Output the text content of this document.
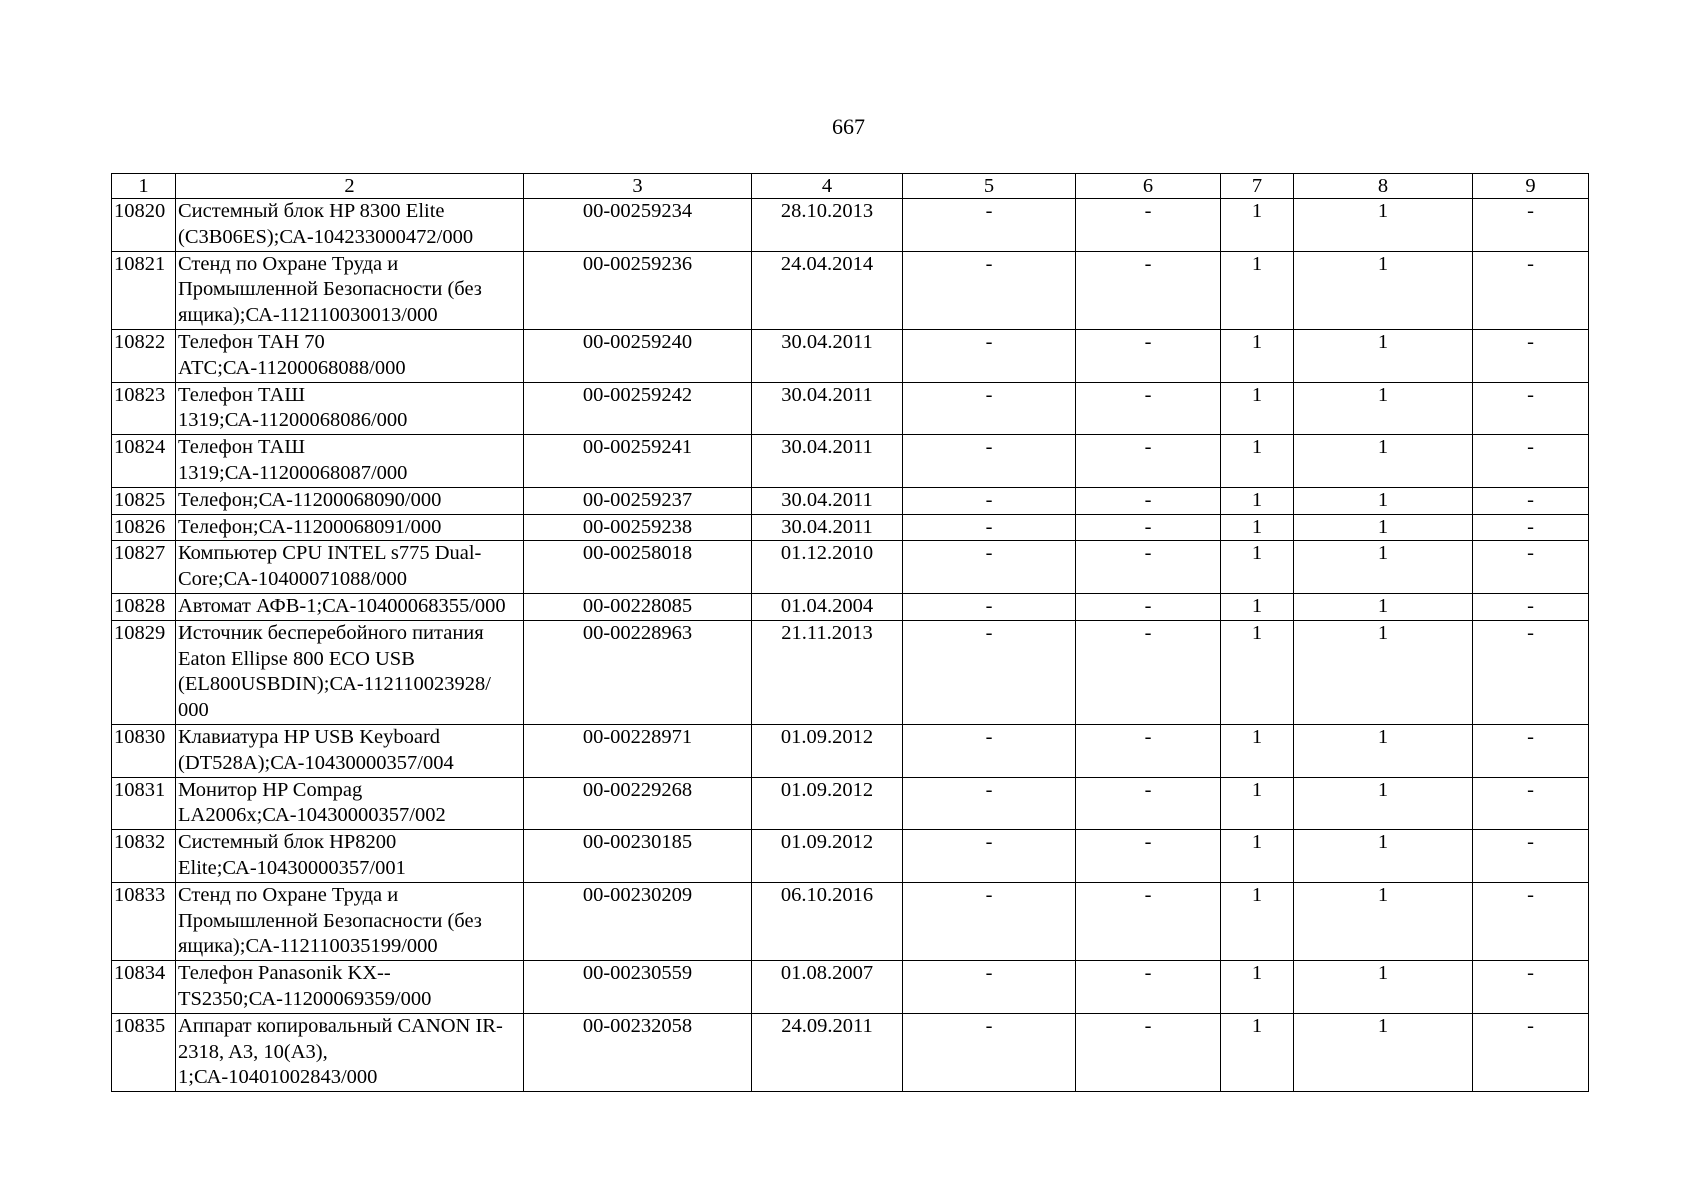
667
1	2	3	4	5	6	7	8	9
10820	Системный блок HP 8300 Elite (C3B06ES);СА-104233000472/000	00-00259234	28.10.2013	-	-	1	1	-
10821	Стенд по Охране Труда и Промышленной Безопасности (без ящика);СА-112110030013/000	00-00259236	24.04.2014	-	-	1	1	-
10822	Телефон ТАН 70 АТС;СА-11200068088/000	00-00259240	30.04.2011	-	-	1	1	-
10823	Телефон ТАШ 1319;СА-11200068086/000	00-00259242	30.04.2011	-	-	1	1	-
10824	Телефон ТАШ 1319;СА-11200068087/000	00-00259241	30.04.2011	-	-	1	1	-
10825	Телефон;СА-11200068090/000	00-00259237	30.04.2011	-	-	1	1	-
10826	Телефон;СА-11200068091/000	00-00259238	30.04.2011	-	-	1	1	-
10827	Компьютер CPU INTEL s775 Dual-Core;СА-10400071088/000	00-00258018	01.12.2010	-	-	1	1	-
10828	Автомат АФВ-1;СА-10400068355/000	00-00228085	01.04.2004	-	-	1	1	-
10829	Источник бесперебойного питания Eaton Ellipse 800 ECO USB (EL800USBDIN);СА-112110023928/ 000	00-00228963	21.11.2013	-	-	1	1	-
10830	Клавиатура HP USB Keyboard (DT528A);СА-10430000357/004	00-00228971	01.09.2012	-	-	1	1	-
10831	Монитор HP Compag LA2006x;СА-10430000357/002	00-00229268	01.09.2012	-	-	1	1	-
10832	Системный блок HP8200 Elite;СА-10430000357/001	00-00230185	01.09.2012	-	-	1	1	-
10833	Стенд по Охране Труда и Промышленной Безопасности (без ящика);СА-112110035199/000	00-00230209	06.10.2016	-	-	1	1	-
10834	Телефон Panasonik KX--TS2350;СА-11200069359/000	00-00230559	01.08.2007	-	-	1	1	-
10835	Аппарат копировальный CANON IR-2318, A3, 10(A3), 1;СА-10401002843/000	00-00232058	24.09.2011	-	-	1	1	-
